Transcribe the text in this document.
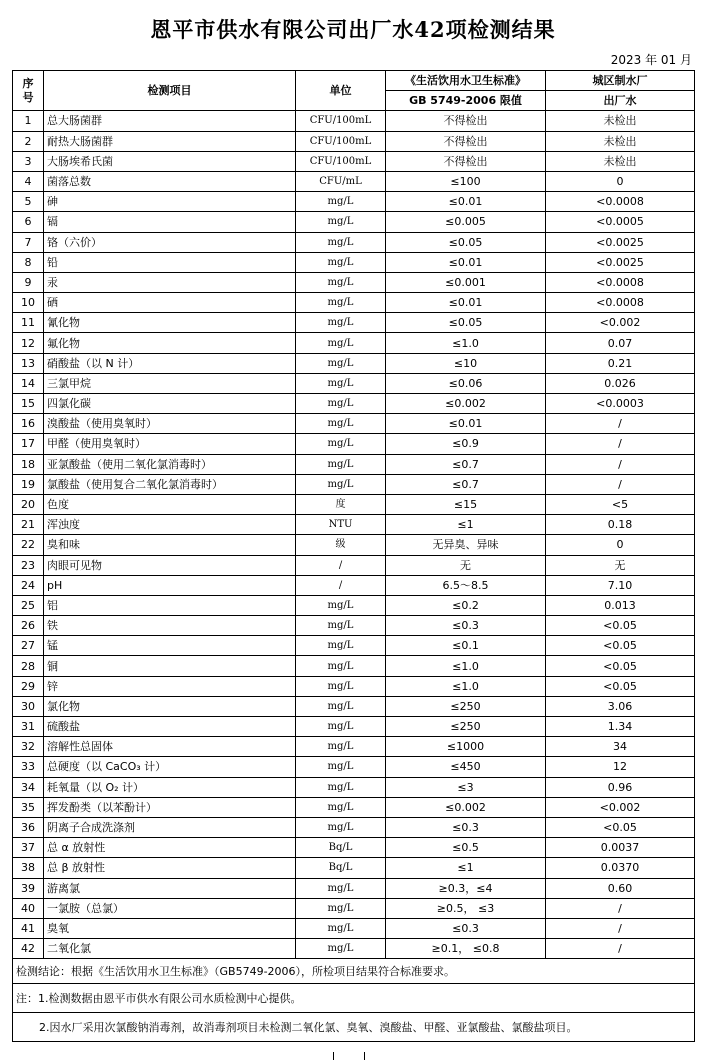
恩平市供水有限公司出厂水42项检测结果
2023 年 01 月
序号	检测项目	单位	《生活饮用水卫生标准》	城区制水厂
			GB 5749-2006 限值	出厂水
1	总大肠菌群	CFU/100mL	不得检出	未检出
2	耐热大肠菌群	CFU/100mL	不得检出	未检出
3	大肠埃希氏菌	CFU/100mL	不得检出	未检出
4	菌落总数	CFU/mL	≤100	0
5	砷	mg/L	≤0.01	<0.0008
6	镉	mg/L	≤0.005	<0.0005
7	铬（六价）	mg/L	≤0.05	<0.0025
8	铅	mg/L	≤0.01	<0.0025
9	汞	mg/L	≤0.001	<0.0008
10	硒	mg/L	≤0.01	<0.0008
11	氰化物	mg/L	≤0.05	<0.002
12	氟化物	mg/L	≤1.0	0.07
13	硝酸盐（以 N 计）	mg/L	≤10	0.21
14	三氯甲烷	mg/L	≤0.06	0.026
15	四氯化碳	mg/L	≤0.002	<0.0003
16	溴酸盐（使用臭氧时）	mg/L	≤0.01	/
17	甲醛（使用臭氧时）	mg/L	≤0.9	/
18	亚氯酸盐（使用二氧化氯消毒时）	mg/L	≤0.7	/
19	氯酸盐（使用复合二氧化氯消毒时）	mg/L	≤0.7	/
20	色度	度	≤15	<5
21	浑浊度	NTU	≤1	0.18
22	臭和味	级	无异臭、异味	0
23	肉眼可见物	/	无	无
24	pH	/	6.5～8.5	7.10
25	铝	mg/L	≤0.2	0.013
26	铁	mg/L	≤0.3	<0.05
27	锰	mg/L	≤0.1	<0.05
28	铜	mg/L	≤1.0	<0.05
29	锌	mg/L	≤1.0	<0.05
30	氯化物	mg/L	≤250	3.06
31	硫酸盐	mg/L	≤250	1.34
32	溶解性总固体	mg/L	≤1000	34
33	总硬度（以 CaCO₃ 计）	mg/L	≤450	12
34	耗氧量（以 O₂ 计）	mg/L	≤3	0.96
35	挥发酚类（以苯酚计）	mg/L	≤0.002	<0.002
36	阴离子合成洗涤剂	mg/L	≤0.3	<0.05
37	总 α 放射性	Bq/L	≤0.5	0.0037
38	总 β 放射性	Bq/L	≤1	0.0370
39	游离氯	mg/L	≥0.3，≤4	0.60
40	一氯胺（总氯）	mg/L	≥0.5， ≤3	/
41	臭氧	mg/L	≤0.3	/
42	二氧化氯	mg/L	≥0.1， ≤0.8	/
检测结论：根据《生活饮用水卫生标准》（GB5749-2006），所检项目结果符合标准要求。				
注：1.检测数据由恩平市供水有限公司水质检测中心提供。				
2.因水厂采用次氯酸钠消毒剂，故消毒剂项目未检测二氧化氯、臭氧、溴酸盐、甲醛、亚氯酸盐、氯酸盐项目。				
